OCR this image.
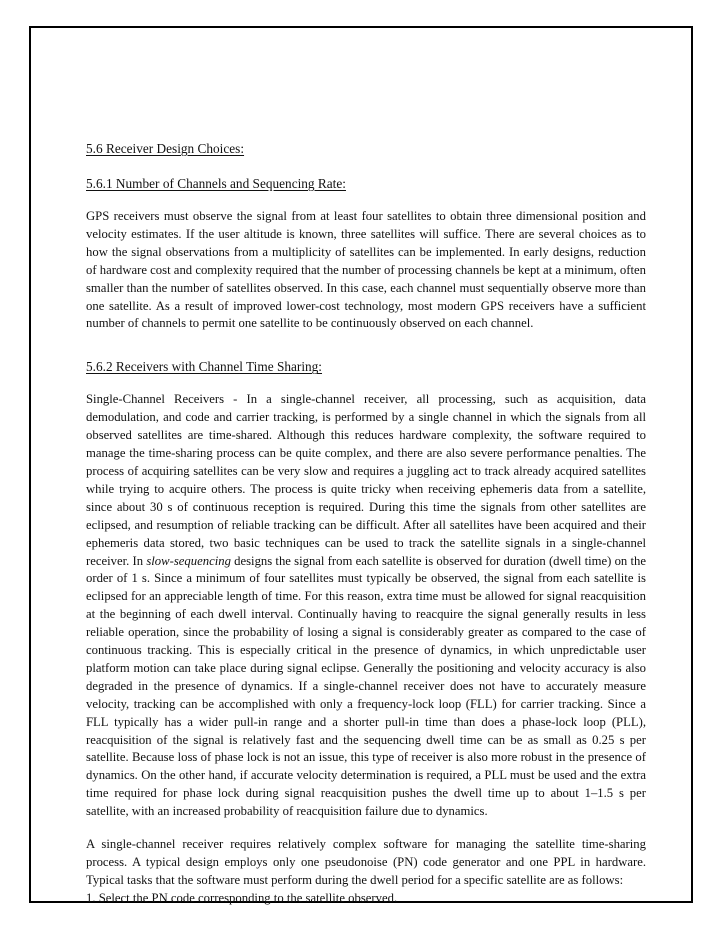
5.6 Receiver Design Choices:

5.6.1 Number of Channels and Sequencing Rate:

GPS receivers must observe the signal from at least four satellites to obtain three dimensional position and velocity estimates. If the user altitude is known, three satellites will suffice. There are several choices as to how the signal observations from a multiplicity of satellites can be implemented. In early designs, reduction of hardware cost and complexity required that the number of processing channels be kept at a minimum, often smaller than the number of satellites observed. In this case, each channel must sequentially observe more than one satellite. As a result of improved lower-cost technology, most modern GPS receivers have a sufficient number of channels to permit one satellite to be continuously observed on each channel.

5.6.2 Receivers with Channel Time Sharing:

Single-Channel Receivers - In a single-channel receiver, all processing, such as acquisition, data demodulation, and code and carrier tracking, is performed by a single channel in which the signals from all observed satellites are time-shared. Although this reduces hardware complexity, the software required to manage the time-sharing process can be quite complex, and there are also severe performance penalties. The process of acquiring satellites can be very slow and requires a juggling act to track already acquired satellites while trying to acquire others. The process is quite tricky when receiving ephemeris data from a satellite, since about 30 s of continuous reception is required. During this time the signals from other satellites are eclipsed, and resumption of reliable tracking can be difficult. After all satellites have been acquired and their ephemeris data stored, two basic techniques can be used to track the satellite signals in a single-channel receiver. In slow-sequencing designs the signal from each satellite is observed for duration (dwell time) on the order of 1 s. Since a minimum of four satellites must typically be observed, the signal from each satellite is eclipsed for an appreciable length of time. For this reason, extra time must be allowed for signal reacquisition at the beginning of each dwell interval. Continually having to reacquire the signal generally results in less reliable operation, since the probability of losing a signal is considerably greater as compared to the case of continuous tracking. This is especially critical in the presence of dynamics, in which unpredictable user platform motion can take place during signal eclipse. Generally the positioning and velocity accuracy is also degraded in the presence of dynamics. If a single-channel receiver does not have to accurately measure velocity, tracking can be accomplished with only a frequency-lock loop (FLL) for carrier tracking. Since a FLL typically has a wider pull-in range and a shorter pull-in time than does a phase-lock loop (PLL), reacquisition of the signal is relatively fast and the sequencing dwell time can be as small as 0.25 s per satellite. Because loss of phase lock is not an issue, this type of receiver is also more robust in the presence of dynamics. On the other hand, if accurate velocity determination is required, a PLL must be used and the extra time required for phase lock during signal reacquisition pushes the dwell time up to about 1–1.5 s per satellite, with an increased probability of reacquisition failure due to dynamics.

A single-channel receiver requires relatively complex software for managing the satellite time-sharing process. A typical design employs only one pseudonoise (PN) code generator and one PPL in hardware. Typical tasks that the software must perform during the dwell period for a specific satellite are as follows:

1. Select the PN code corresponding to the satellite observed.
